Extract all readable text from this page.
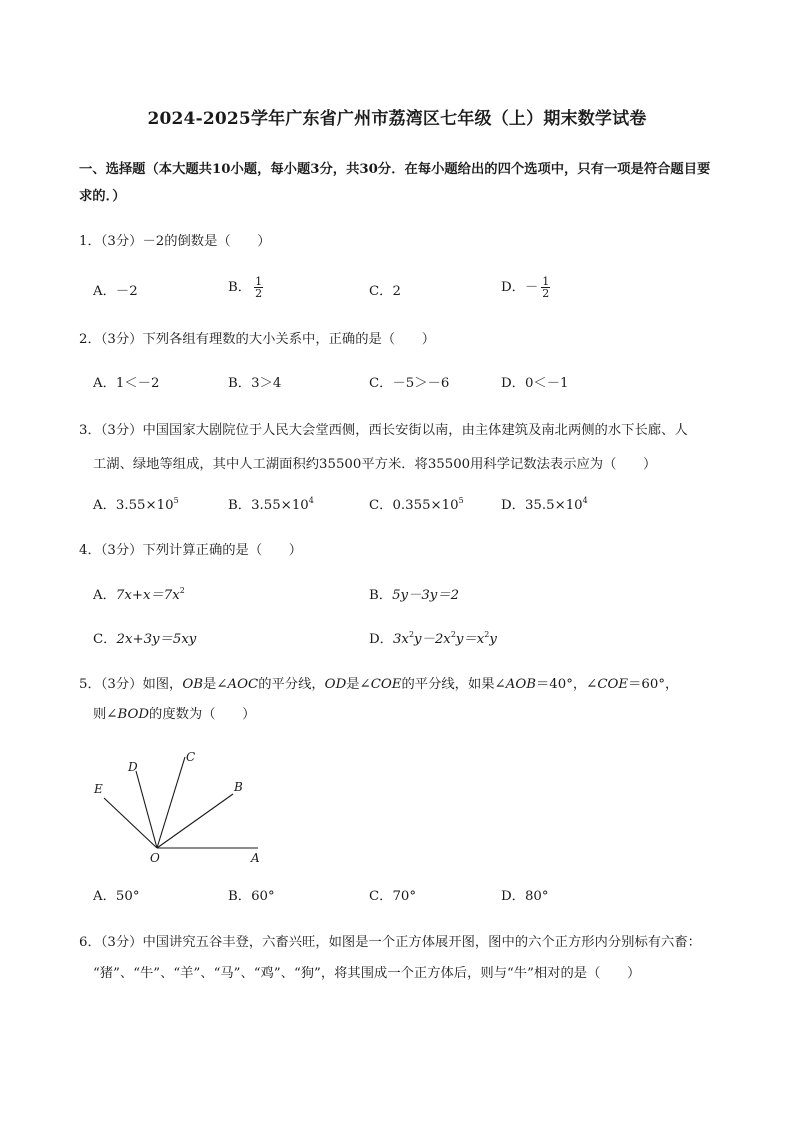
2024-2025学年广东省广州市荔湾区七年级（上）期末数学试卷
一、选择题（本大题共10小题，每小题3分，共30分．在每小题给出的四个选项中，只有一项是符合题目要求的．）
1．（3分）－2的倒数是（　　）
A．－2	B． $\frac{1}{2}$	C．2	D．－ $\frac{1}{2}$
2．（3分）下列各组有理数的大小关系中，正确的是（　　）
A．1＜－2	B．3＞4	C．－5＞－6	D．0＜－1
3．（3分）中国国家大剧院位于人民大会堂西侧，西长安街以南，由主体建筑及南北两侧的水下长廊、人
工湖、绿地等组成，其中人工湖面积约35500平方米．将35500用科学记数法表示应为（　　）
A．$3.55\times 10^5$	B．$3.55\times 10^4$	C．$0.355\times 10^5$	D．$35.5\times 10^4$
4．（3分）下列计算正确的是（　　）
A．$7x+x=7x^2$	B．5y－3y＝2
C．2x+3y＝5xy	D．$3x^2y-2x^2y=x^2y$
5．（3分）如图，OB是∠AOC的平分线，OD是∠COE的平分线，如果∠AOB＝40°，∠COE＝60°，
则∠BOD的度数为（　　）
E
D
C
B
O	A
A．50°	B．60°	C．70°	D．80°
6．（3分）中国讲究五谷丰登，六畜兴旺，如图是一个正方体展开图，图中的六个正方形内分别标有六畜：
“猪”、“牛”、“羊”、“马”、“鸡”、“狗”，将其围成一个正方体后，则与“牛”相对的是（　　）
